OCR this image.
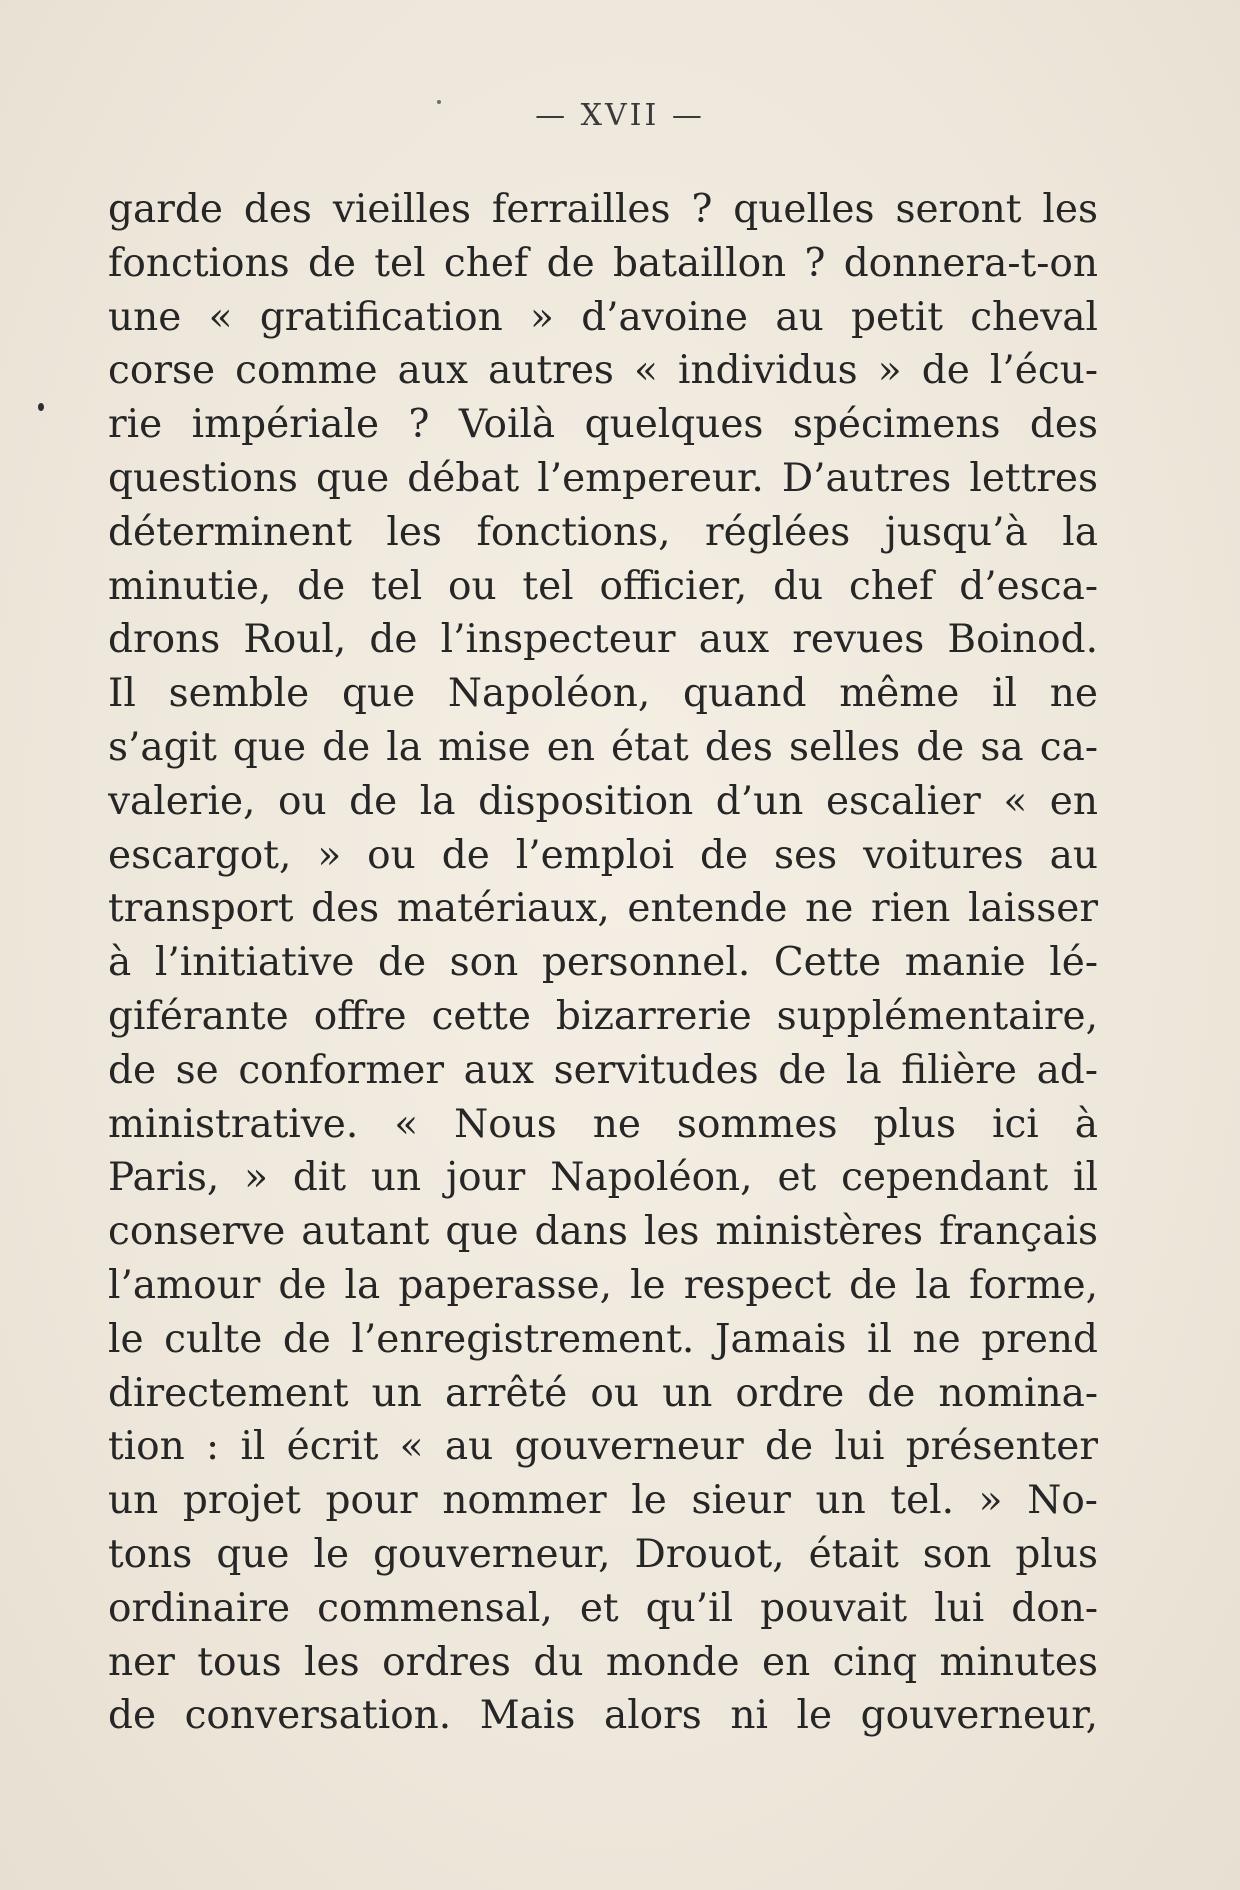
— XVII —
garde des vieilles ferrailles ? quelles seront les
fonctions de tel chef de bataillon ? donnera-t-on
une « gratification » d’avoine au petit cheval
corse comme aux autres « individus » de l’écu-
rie impériale ? Voilà quelques spécimens des
questions que débat l’empereur. D’autres lettres
déterminent les fonctions, réglées jusqu’à la
minutie, de tel ou tel officier, du chef d’esca-
drons Roul, de l’inspecteur aux revues Boinod.
Il semble que Napoléon, quand même il ne
s’agit que de la mise en état des selles de sa ca-
valerie, ou de la disposition d’un escalier « en
escargot, » ou de l’emploi de ses voitures au
transport des matériaux, entende ne rien laisser
à l’initiative de son personnel. Cette manie lé-
giférante offre cette bizarrerie supplémentaire,
de se conformer aux servitudes de la filière ad-
ministrative. « Nous ne sommes plus ici à
Paris, » dit un jour Napoléon, et cependant il
conserve autant que dans les ministères français
l’amour de la paperasse, le respect de la forme,
le culte de l’enregistrement. Jamais il ne prend
directement un arrêté ou un ordre de nomina-
tion : il écrit « au gouverneur de lui présenter
un projet pour nommer le sieur un tel. » No-
tons que le gouverneur, Drouot, était son plus
ordinaire commensal, et qu’il pouvait lui don-
ner tous les ordres du monde en cinq minutes
de conversation. Mais alors ni le gouverneur,
